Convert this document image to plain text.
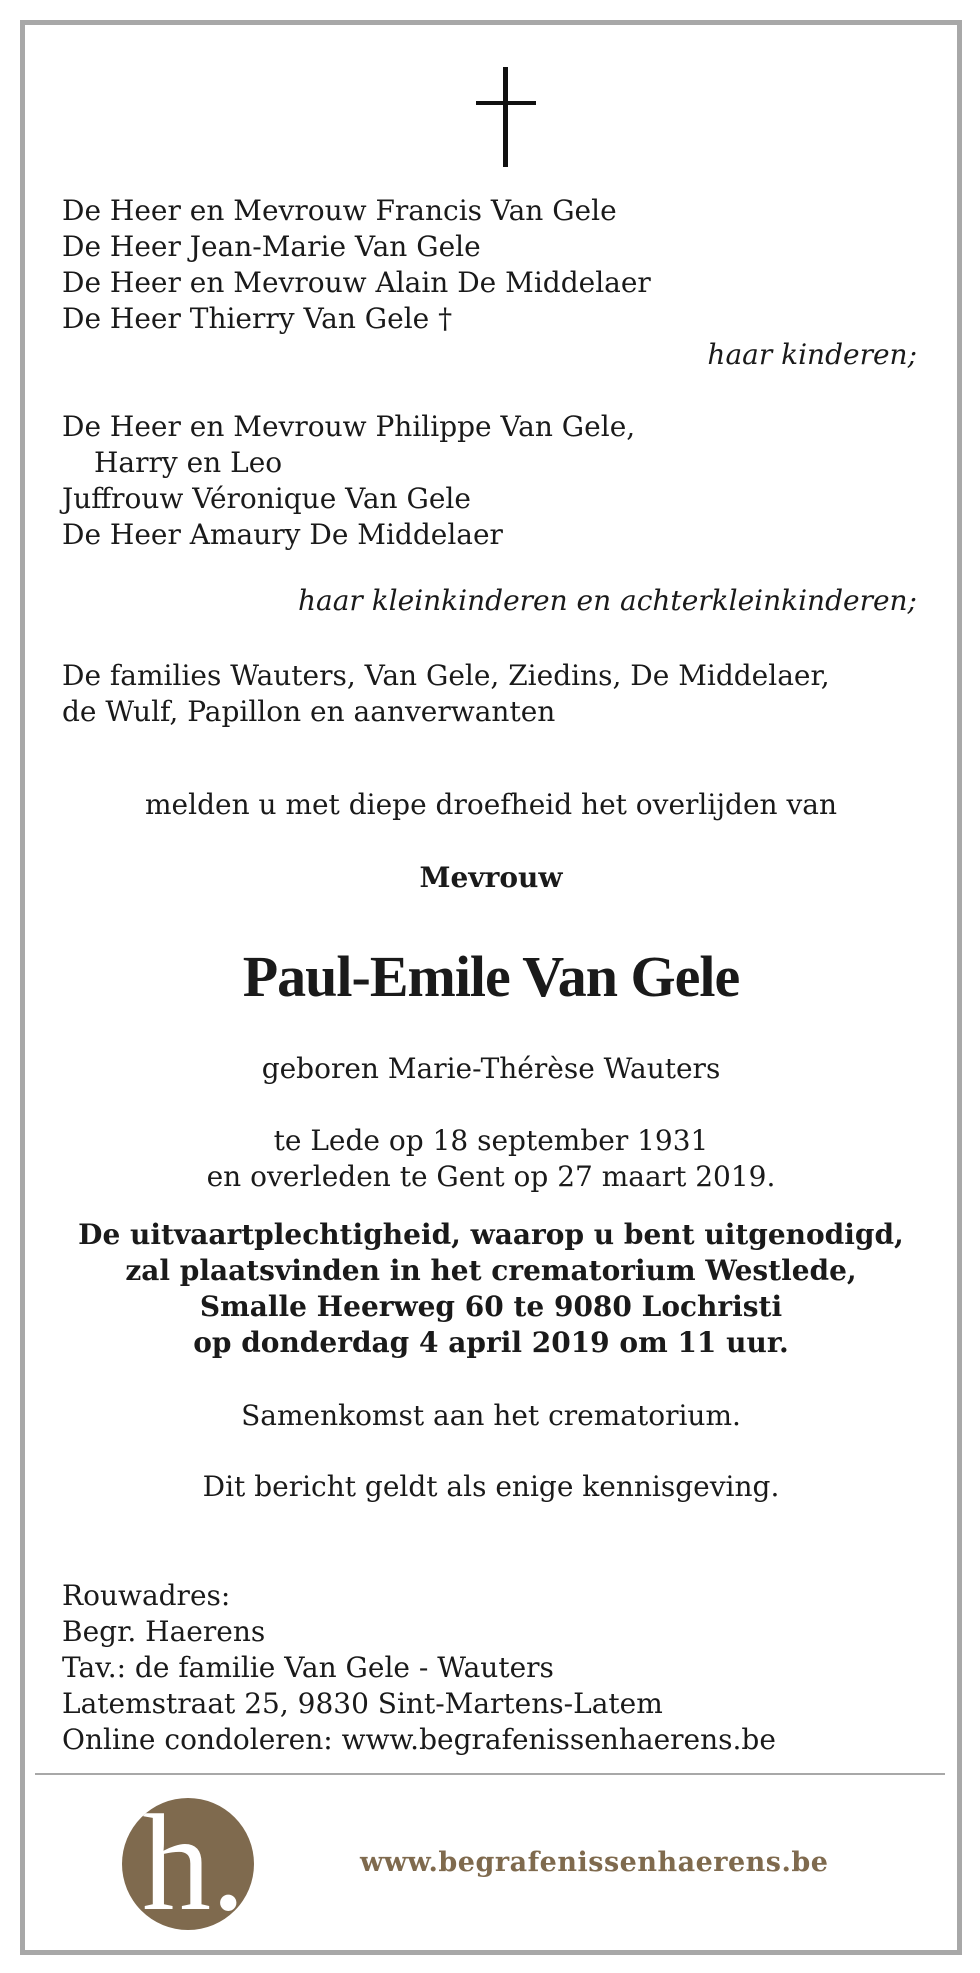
De Heer en Mevrouw Francis Van Gele
De Heer Jean-Marie Van Gele
De Heer en Mevrouw Alain De Middelaer
De Heer Thierry Van Gele †
haar kinderen;
De Heer en Mevrouw Philippe Van Gele,
Harry en Leo
Juffrouw Véronique Van Gele
De Heer Amaury De Middelaer
haar kleinkinderen en achterkleinkinderen;
De families Wauters, Van Gele, Ziedins, De Middelaer,
de Wulf, Papillon en aanverwanten
melden u met diepe droefheid het overlijden van
Mevrouw
Paul-Emile Van Gele
geboren Marie-Thérèse Wauters
te Lede op 18 september 1931
en overleden te Gent op 27 maart 2019.
De uitvaartplechtigheid, waarop u bent uitgenodigd,
zal plaatsvinden in het crematorium Westlede,
Smalle Heerweg 60 te 9080 Lochristi
op donderdag 4 april 2019 om 11 uur.
Samenkomst aan het crematorium.
Dit bericht geldt als enige kennisgeving.
Rouwadres:
Begr. Haerens
Tav.: de familie Van Gele - Wauters
Latemstraat 25, 9830 Sint-Martens-Latem
Online condoleren: www.begrafenissenhaerens.be
h.	www.begrafenissenhaerens.be
